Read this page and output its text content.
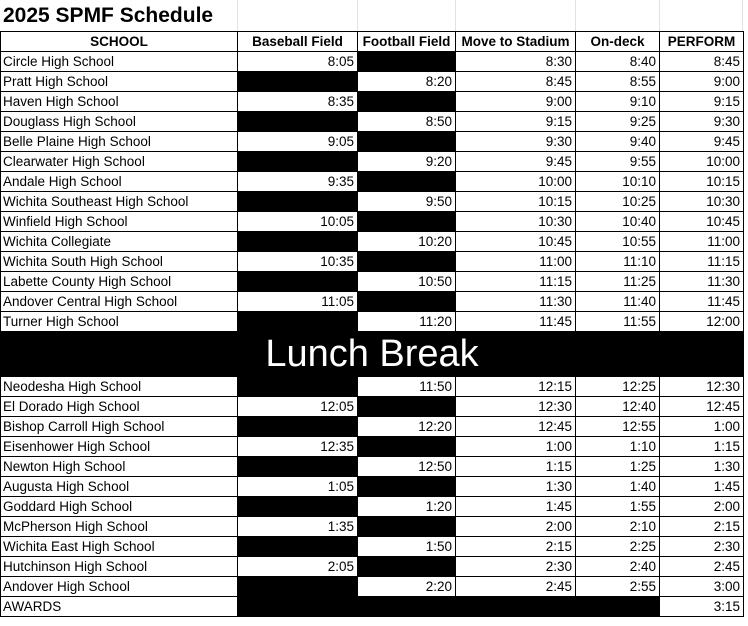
2025 SPMF Schedule
SCHOOL	Baseball Field	Football Field	Move to Stadium	On-deck	PERFORM
Circle High School	8:05		8:30	8:40	8:45
Pratt High School		8:20	8:45	8:55	9:00
Haven High School	8:35		9:00	9:10	9:15
Douglass High School		8:50	9:15	9:25	9:30
Belle Plaine High School	9:05		9:30	9:40	9:45
Clearwater High School		9:20	9:45	9:55	10:00
Andale High School	9:35		10:00	10:10	10:15
Wichita Southeast High School		9:50	10:15	10:25	10:30
Winfield High School	10:05		10:30	10:40	10:45
Wichita Collegiate		10:20	10:45	10:55	11:00
Wichita South High School	10:35		11:00	11:10	11:15
Labette County High School		10:50	11:15	11:25	11:30
Andover Central High School	11:05		11:30	11:40	11:45
Turner High School		11:20	11:45	11:55	12:00
Lunch Break					
Neodesha High School		11:50	12:15	12:25	12:30
El Dorado High School	12:05		12:30	12:40	12:45
Bishop Carroll High School		12:20	12:45	12:55	1:00
Eisenhower High School	12:35		1:00	1:10	1:15
Newton High School		12:50	1:15	1:25	1:30
Augusta High School	1:05		1:30	1:40	1:45
Goddard High School		1:20	1:45	1:55	2:00
McPherson High School	1:35		2:00	2:10	2:15
Wichita East High School		1:50	2:15	2:25	2:30
Hutchinson High School	2:05		2:30	2:40	2:45
Andover High School		2:20	2:45	2:55	3:00
AWARDS					3:15
